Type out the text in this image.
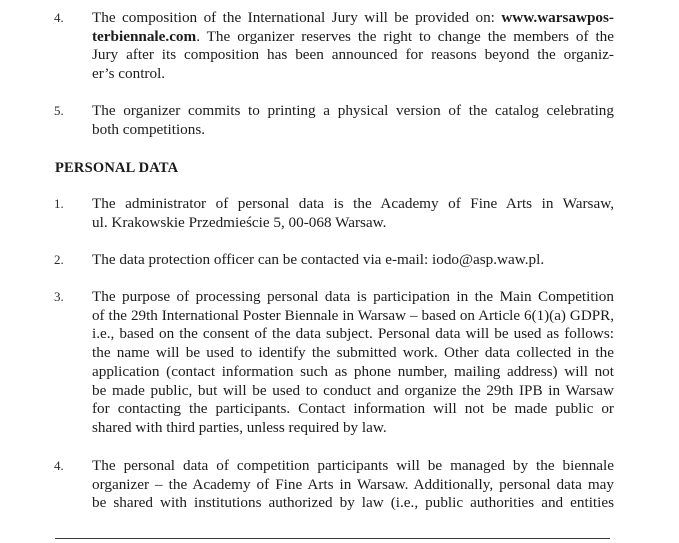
4. The composition of the International Jury will be provided on: www.warsawpos-
terbiennale.com. The organizer reserves the right to change the members of the
Jury after its composition has been announced for reasons beyond the organiz-
er’s control.
5. The organizer commits to printing a physical version of the catalog celebrating
both competitions.
PERSONAL DATA
1. The administrator of personal data is the Academy of Fine Arts in Warsaw,
ul. Krakowskie Przedmieście 5, 00-068 Warsaw.
2. The data protection officer can be contacted via e-mail: iodo@asp.waw.pl.
3. The purpose of processing personal data is participation in the Main Competition
of the 29th International Poster Biennale in Warsaw – based on Article 6(1)(a) GDPR,
i.e., based on the consent of the data subject. Personal data will be used as follows:
the name will be used to identify the submitted work. Other data collected in the
application (contact information such as phone number, mailing address) will not
be made public, but will be used to conduct and organize the 29th IPB in Warsaw
for contacting the participants. Contact information will not be made public or
shared with third parties, unless required by law.
4. The personal data of competition participants will be managed by the biennale
organizer – the Academy of Fine Arts in Warsaw. Additionally, personal data may
be shared with institutions authorized by law (i.e., public authorities and entities
